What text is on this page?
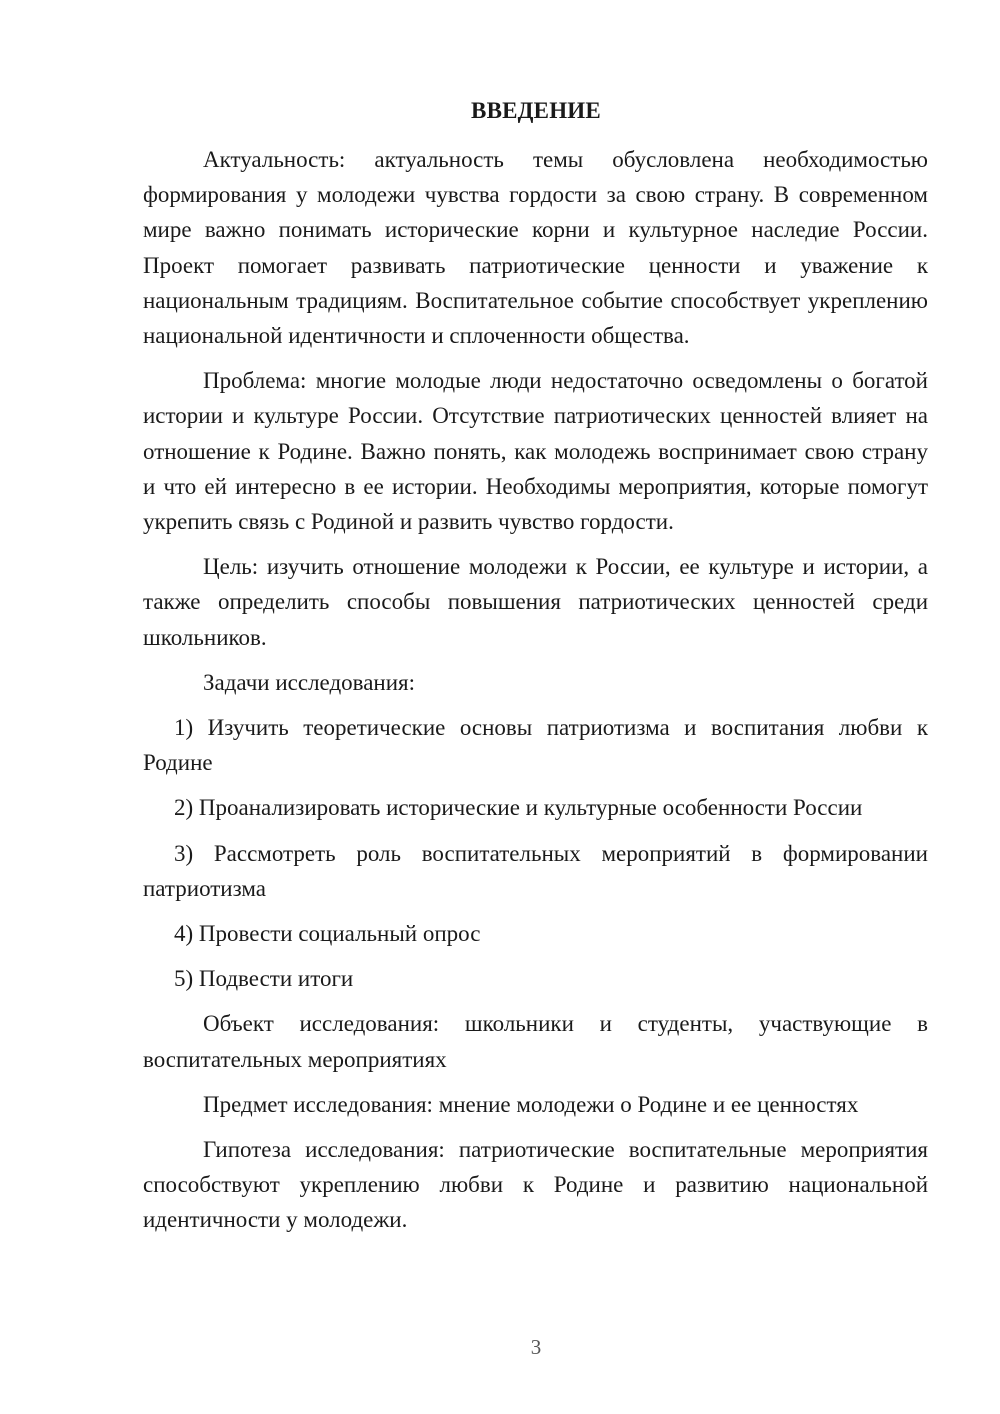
ВВЕДЕНИЕ

Актуальность: актуальность темы обусловлена необходимостью формирования у молодежи чувства гордости за свою страну. В современном мире важно понимать исторические корни и культурное наследие России. Проект помогает развивать патриотические ценности и уважение к национальным традициям. Воспитательное событие способствует укреплению национальной идентичности и сплоченности общества.

Проблема: многие молодые люди недостаточно осведомлены о богатой истории и культуре России. Отсутствие патриотических ценностей влияет на отношение к Родине. Важно понять, как молодежь воспринимает свою страну и что ей интересно в ее истории. Необходимы мероприятия, которые помогут укрепить связь с Родиной и развить чувство гордости.

Цель: изучить отношение молодежи к России, ее культуре и истории, а также определить способы повышения патриотических ценностей среди школьников.

Задачи исследования:

1) Изучить теоретические основы патриотизма и воспитания любви к Родине

2) Проанализировать исторические и культурные особенности России

3) Рассмотреть роль воспитательных мероприятий в формировании патриотизма

4) Провести социальный опрос

5) Подвести итоги

Объект исследования: школьники и студенты, участвующие в воспитательных мероприятиях

Предмет исследования: мнение молодежи о Родине и ее ценностях

Гипотеза исследования: патриотические воспитательные мероприятия способствуют укреплению любви к Родине и развитию национальной идентичности у молодежи.

3
